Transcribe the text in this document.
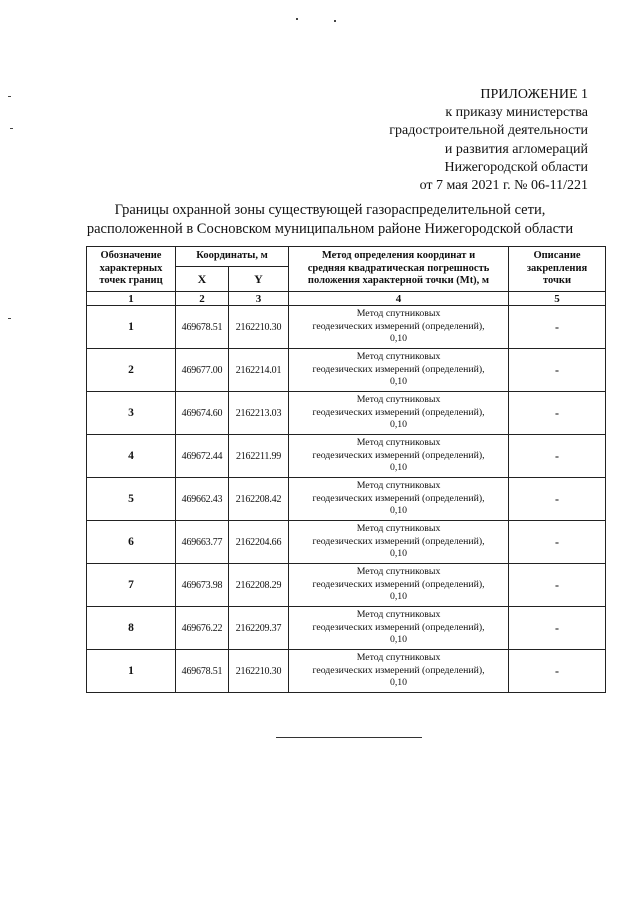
ПРИЛОЖЕНИЕ 1
к приказу министерства
градостроительной деятельности
и развития агломераций
Нижегородской области
от 7 мая 2021 г. № 06-11/221
Границы охранной зоны существующей газораспределительной сети,
расположенной в Сосновском муниципальном районе Нижегородской области
Обозначение
характерных
точек границ	Координаты, м		Метод определения координат и
средняя квадратическая погрешность
положения характерной точки (Mt), м	Описание
закрепления
точки

	X	Y		
1	2	3	4	5
1	469678.51	2162210.30	Метод спутниковых
геодезических измерений (определений),
0,10	-
2	469677.00	2162214.01	Метод спутниковых
геодезических измерений (определений),
0,10	-
3	469674.60	2162213.03	Метод спутниковых
геодезических измерений (определений),
0,10	-
4	469672.44	2162211.99	Метод спутниковых
геодезических измерений (определений),
0,10	-
5	469662.43	2162208.42	Метод спутниковых
геодезических измерений (определений),
0,10	-
6	469663.77	2162204.66	Метод спутниковых
геодезических измерений (определений),
0,10	-
7	469673.98	2162208.29	Метод спутниковых
геодезических измерений (определений),
0,10	-
8	469676.22	2162209.37	Метод спутниковых
геодезических измерений (определений),
0,10	-
1	469678.51	2162210.30	Метод спутниковых
геодезических измерений (определений),
0,10	-
